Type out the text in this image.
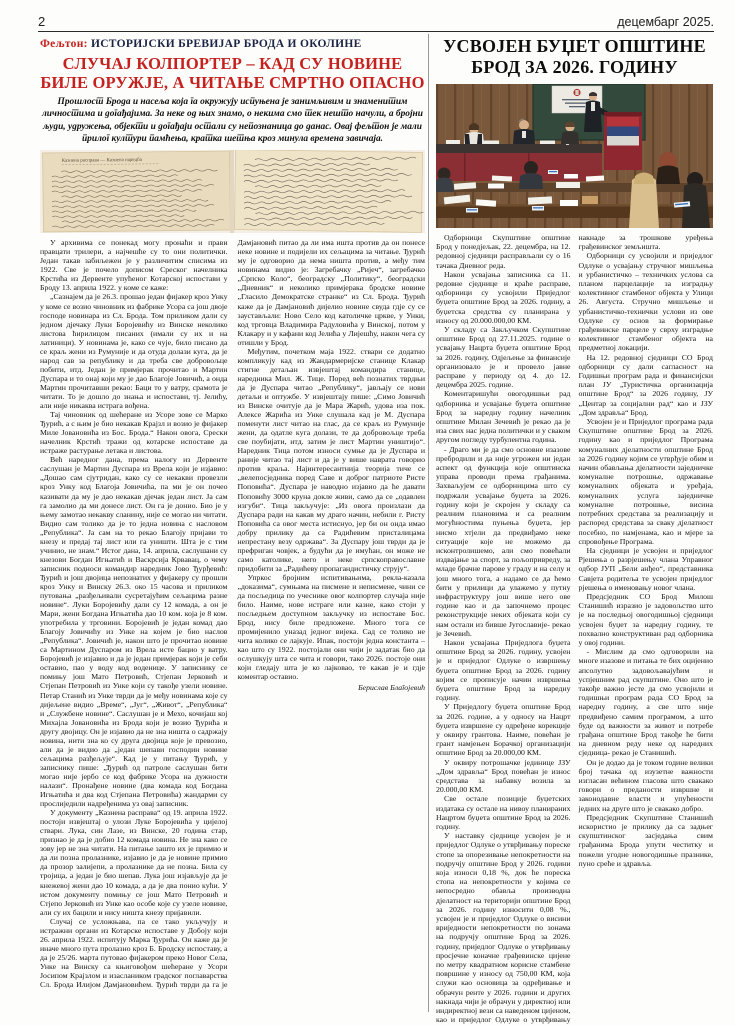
2	децембарг 2025.
Фељтон: ИСТОРИЈСКИ БРЕВИЈАР БРОДА И ОКОЛИНЕ
СЛУЧАЈ КОЛПОРТЕР – КАД СУ НОВИНЕ БИЛЕ ОРУЖЈЕ, А ЧИТАЊЕ СМРТНО ОПАСНО
Прошлост Брода и насеља која га окружују испуњена је занимљивим и знаменитим личностима и догађајима. За неке од њих знамо, о некима смо тек нешто начули, а бројни људи, удружења, објекти и догађаји остали су непознаница до данас. Овај фељтон је мали прилог култури памћења, кратка шетња кроз минула времена завичаја.
Казнена расправа — Казнена наредба

У архивима се понекад могу пронаћи и прави правцати трилери, а најчешће су то они политички. Један такав забиљежен је у различитим списима из 1922. Све је почело дописом Среског начелника Крстића из Дервенте упућеног Котарској испостави у Броду 13. априла 1922. у коме се каже:

„Сазнајем да је 26.3. прошао један фијакер кроз Унку у коме се возио чиновник из фабрике Усора са још двоје господе новинара из Сл. Брода. Том приликом дали су једном дјечаку Луки Боројевићу из Винске неколико листова ћирилицом писаних (имали су их и на латиници). У новинама је, како се чује, било писано да се краљ жени из Румуније и да отуда долази куга, да је народ сав за републику и да треба све добровољце побити, итд. Један је примјерак прочитао и Мартин Дуспара и то онај који му је дао Благоје Јовичић, а онда Мартин прочитавши рекао: Баци то у ватру, срамота је читати. То је дошло до знања и испостави, тј. Јелићу, али није никаква истрага вођена.

Тај чиновник од шећеране из Усоре зове се Марко Ђурић, а с њим је био некакав Крајзл и возио је фијакер Миле Јовановића из Бос. Брода.“ Након овога, Срески начелник Крстић тражи од котарске испоставе да истраже растурање летака и листова.

Већ наредног дана, према налогу из Дервенте саслушан је Мартин Дуспара из Врела који је изјавио: „Дошао сам сјутридан, како су се некакви провезли кроз Унку код Благоја Јовичића, па ми је он почео казивати да му је дао некакав дјечак један лист. Ја сам га замолио да ми донесе лист. Он га је донио. Био је у њему замотао некакву сланину, није се могао ни читати. Видио сам толико да је то једна новина с насловом „Република“. Ја сам на то рекао Благоју пријави то кнезу и предај тај лист или га уништи. Шта је с тим учинио, не знам.“ Истог дана, 14. априла, саслушани су кнезови Богдан Игњатић и Васкрсија Крвавац, о чему записник подноси командир наредник Јово Ђурђевић: Ђурић и још двојица непознатих у фијакеру су прошли кроз Унку и Винску 26.3. око 15 часова и приликом путовања „разђељивали сусретајућим сељацима разне новине“. Луки Боројевићу дали су 12 комада, а он је Мари, жени Богдана Игњатића дао 10 ком. која је 8 ком. употребила у трговини. Боројевић је један комад дао Благоју Јовичићу из Унке на којем је био наслов „Република“. Јовичић је, након што је прочитао новине са Мартином Дуспаром из Врела исте бацио у ватру. Боројевић је изјавио и да је један примјерак који је себи оставио, пао у воду код воденице. У записнику се помињу још Мато Петровић, Стјепан Јерковић и Стјепан Петровић из Унке који су такође узели новине. Петар Станић из Унке тврди да је међу новинама које су дијељене видио „Време“, „Југ“, „Живот“, „Република“ и „Службене новине“. Саслушан је и Мехо, кочијаш кој Михајла Јовановића из Брода који је возио Ђурића и другу двојицу. Он је изјавио да не зна ништа о садржају новина, нити зна ко су друга двојица које је превозио, али да је видио да „један шепави господин новине сељацима разђељује“. Кад је у питању Ђурић, у записнику пише: „Ђурић од патроле саслушан бити могао није јербо се код фабрике Усора на дужности налази“. Пронађене новине (два комада код Богдана Игњатића и два код Стјепана Петровића) жандарми су прослиједили надређенима уз овај записник.

У документу „Казнена расправа“ од 19. априла 1922. постоји извјештај о улози Луке Боројевића у цијелој ствари. Лука, син Лазе, из Винске, 20 година стар, признао је да је добио 12 комада новина. Не зна како се зову јер не зна читати. На питање зашто их је примио и да ли позна пролазнике, изјавио је да је новине примио да прозор залијепи, а пролазнике да не позна. Била су тројица, а један је био шепав. Лука још изјављује да је кнежевој жени дао 10 комада, а да је два понио кући. У истом документу помињу се још Мато Петровић и Стјепо Јерковић из Унке као особе које су узеле новине, али су их бацили и нису ништа кнезу пријавили.

Случај се усложњава, па се тако укључују и истражни органи из Котарске испоставе у Добоју који 26. априла 1922. испитују Марка Ђурића. Он каже да је иначе много пута пролазно кроз Б. Бродску испоставу, а да је 25/26. марта путовао фијакером преко Новог Села, Унке на Винску са књиговођом шећеране у Усори Јосипом Крајзлом и изаслаником градског поглаварства Сл. Брода Илијом Дамјановићем. Ђурић тврди да га је Дамјановић питао да ли има ишта против да он понесе неке новине и подијели их сељацима за читање. Ђурић му је одговорио да нема ништа против, а међу тим новинама видио је: Загребачку „Ријеч“, загребачко „Српско Коло“, београдску „Политику“, београдски „Дневник“ и неколико примјерака бродске новине „Гласило Демократске странке“ из Сл. Брода. Ђурић каже да је Дамјановић дијелио новине свуда гдје су се заустављали: Ново Село код католичке цркве, у Унки, код трговца Владимира Радуловића у Винској, потом у Клакару и у кафани код Јелића у Лијешћу, након чега су отишли у Брод.

Међутим, почетком маја 1922. ствари се додатно компликују кад из Жандармеријске станице Клакар стигне детаљан извјештај командира станице, наредника Мил. Ж. Тице. Поред већ познатих тврдњи да је Дуспара читао „Републику“, јављају се нови детаљи и оптужбе. У извјештају пише: „Симо Јовичић из Винске очитује да је Мара Жарић, удова иза пок. Алексе Жарића из Унке слушала кад је М. Дуспара поменути лист читао на глас, да се краљ из Румуније жени, да одатле куга долази, те да добровољце треба све поубијати, итд. затим је лист Мартин уништијо“. Наредник Тица потом износи сумње да је Дуспара и раније читао тај лист и да је у више наврата говорио против краља. Најинтересантнија теорија тиче се „велепосједника поред Саве и доброг патриоте Ристе Поповића“. Дуспара је наводно изјавио да ће давати Поповићу 3000 круна докле живи, само да се „одавлен изгуби“. Тица закључује: „Из овога произлази да Дуспара ради на какав му драго начин, небили г. Ристу Поповића са овог места истиснуо, јер би он онда имао добру прилику да са Радићевим присталицама непрестану везу одржава“. За Дуспару још тврди да је префриган човјек, а будући да је имућан, он може не само католике, него и неке српскоправославне придобити за „Радићеву пропагандистичку струју“.

Упркос бројним испитивањима, рекла-казала „доказима“, сумњама на писмене и неписмене, чини се да посљедица по учеснике овог колпортер случаја није било. Наиме, нове истраге или казне, како стоји у посљедњем доступном закључку из испоставе Бос. Брод, нису биле предложене. Много тога се промијенило уназад једног вијека. Сад се толико не чита колико се лајкује. Ипак, постоји једна константа – као што су 1922. постојали они чији је задатак био да ослушкују шта се чита и говори, тако 2026. постоје они који гледају шта је ко лајковао, те какав је и гдје коментар оставио.

Берислав Благојевић

УСВОЈЕН БУЏЕТ ОПШТИНЕ БРОД ЗА 2026. ГОДИНУ

Одборници Скупштине општине Брод у понедјељак, 22. децембра, на 12. редовној сједници расправљали су о 16 тачака Дневног реда.

Након усвајања записника са 11. редовне сједнице и краће расправе, одборници су усвојили Приједлог буџета општине Брод за 2026. годину, а буџетска средства су планирана у износу од 20.000.000,00 КМ.

У складу са Закључком Скупштине општине Брод од 27.11.2025. године о усвајању Нацрта буџета општине Брод за 2026. годину, Одјељење за финансије организовало је и провело јавне расправе у периоду од 4. до 12. децембра 2025. године.

Коментаришући овогодишњи рад одборника и усвајање буџета општине Брод за наредну годину начелник општине Милан Зечевић је рекао да је иза свих нас једна политички и у сваком другом погледу турбулентна година.

- Драго ми је да смо основне изазове пребродили и да није угрожен ни један аспект од функција које општинска управа проводи према грађанима. Захваљујем се одборницима што су подржали усвајање буџета за 2026. годину који је скројен у складу са реалним плановима и са реалним могућностима пуњења буџета, јер нисмо хтјели да предвиђамо неке ситуације које не можемо да исконтролишемо, али смо повећали издвајање за спорт, за пољопривреду, за младе брачне парове у граду и на селу и још много тога, а надамо се да ћемо бити у прилици да улажемо у путну инфраструктуру још више него ове године као и да започнемо процес реконструкције неких објеката који су нам остали из бивше Југославије- рекао је Зечевић.

Након усвајања Приједлога буџета општине Брод за 2026. годину, усвојен је и приједлог Одлуке о извршењу буџета општине Брод за 2026. годину којим се прописује начин извршења буџета општине Брод за наредну годину.

У Приједлогу буџета општине Брод за 2026. године, а у односу на Нацрт буџета извршене су одређене корекције у оквиру грантова. Наиме, повећан је грант намјењен Борачкој организацији општине Брод за 20.000,00 КМ.

У оквиру потрошачке јединице ЈЗУ „Дом здравља“ Брод повећан је износ средстава за набавку возила за 20.000,00 КМ.

Све остале позиције буџетских издатака су остале на нивоу планираних Нацртом буџета општине Брод за 2026. годину.

У наставку сједнице усвојен је и приједлог Одлуке о утврђивању пореске стопе за опорезивање непокретности на подручју општине Брод у 2026. години која износи 0,18 %, док ће пореска стопа на непокретности у којима се непосредно обавља производна дјелатност на територији општине Брод за 2026. годину износити 0,08 %., усвојен је и приједлог Одлуке о висини вриједности непокретности по зонама на подручју општине Брод за 2026. годину, приједлог Одлуке о утврђивању просјечне коначне грађевинске цијене по метру квадратном корисне стамбене површине у износу од 750,00 КМ, која служи као основица за одређивање и обрачун ренте у 2026. години и других накнада чији је обрачун у директној или индиректној вези са наведеном цијеном, као и приједлог Одлуке о утврђивању накнаде за трошкове уређења грађевинског земљишта.

Одборници су усвојили и приједлог Одлуке о усвајању стручног мишљења и урбанистичко – техничких услова са планом парцелације за изградњу колективног стамбеног објекта у Улици 26. Августа. Стручно мишљење и урбанистичко-технички услови из ове Одлуке су основ за формирање грађевинске парцеле у сврху изградње колективног стамбеног објекта на предметној локацији.

На 12. редовној сједници СО Брод одборници су дали сагласност на Годишњи програм рада и финансијски план ЈУ „Туристичка организација општине Брод“ за 2026 годину, ЈУ „Центар за социјални рад“ као и ЈЗУ „Дом здравља“ Брод.

Усвојен је и Приједлог програма рада Скупштине општине Брод за 2026. годину као и приједлог Програма комуналних дјелатности општине Брод за 2026 годину којим се утврђује обим и начин обављања дјелатности заједничке комуналне потрошње, одржавање комуналних објеката и уређаја, комуналних услуга заједничке комуналне потрошње, висина потребних средстава за реализацију и распоред средстава за сваку дјелатност посебно, по намјенама, као и мјере за спровођење Програма.

На сједници је усвојен и приједлог Рјешења о разрјешењу члана Управног одбор ЈУП „Бели анђео“, представника Савјета родитеља те усвојен приједлог рјешења о именовању новог члана.

Предсједник СО Брод Милош Станишић изразио је задовољство што је на последњој овогодишњој сједници усвојен буџет за наредну годину, те похвално конструктиван рад одборника у овој години.

- Мислим да смо одговорили на многе изазове и питања те бих оцијенио апсолутно задовољавајућим и успјешним рад скупштине. Оно што је такође важно јесте да смо усвојили и годишњи програм рада СО Брод за наредну годину, а све што није предвиђено самим програмом, а што буде од важности за живот и потребе грађана општине Брод такође ће бити на дневном реду неке од наредних сједница- рекао је Станишић.

Он је додао да је током године велики број тачака од изузетне важности изгласан већином гласова што свакако говори о преданости извршне и законодавне власти и упућености једних на друге што је свакако добро.

Предсједник Скупштине Станишић искористио је прилику да са задњег скупштинског засједања свим грађанима Брода упути честитку и пожели угодне новогодишње празнике, пуно среће и здравља.
